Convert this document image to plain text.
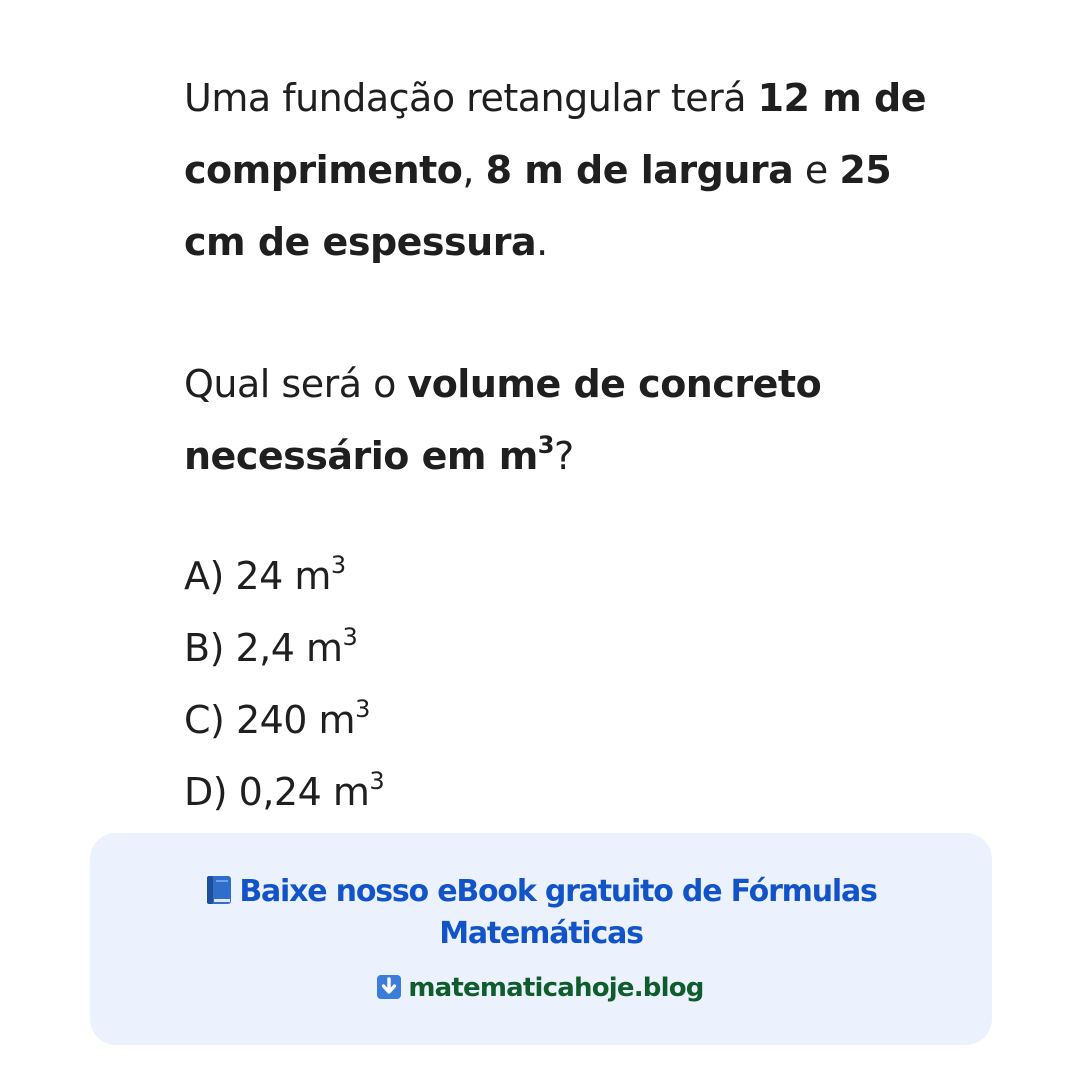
Uma fundação retangular terá 12 m de comprimento, 8 m de largura e 25 cm de espessura.

Qual será o volume de concreto necessário em $m^3$?

A) 24 $m^3$
B) 2,4 $m^3$
C) 240 $m^3$
D) 0,24 $m^3$
Baixe nosso eBook gratuito de Fórmulas Matemáticas
matematicahoje.blog
